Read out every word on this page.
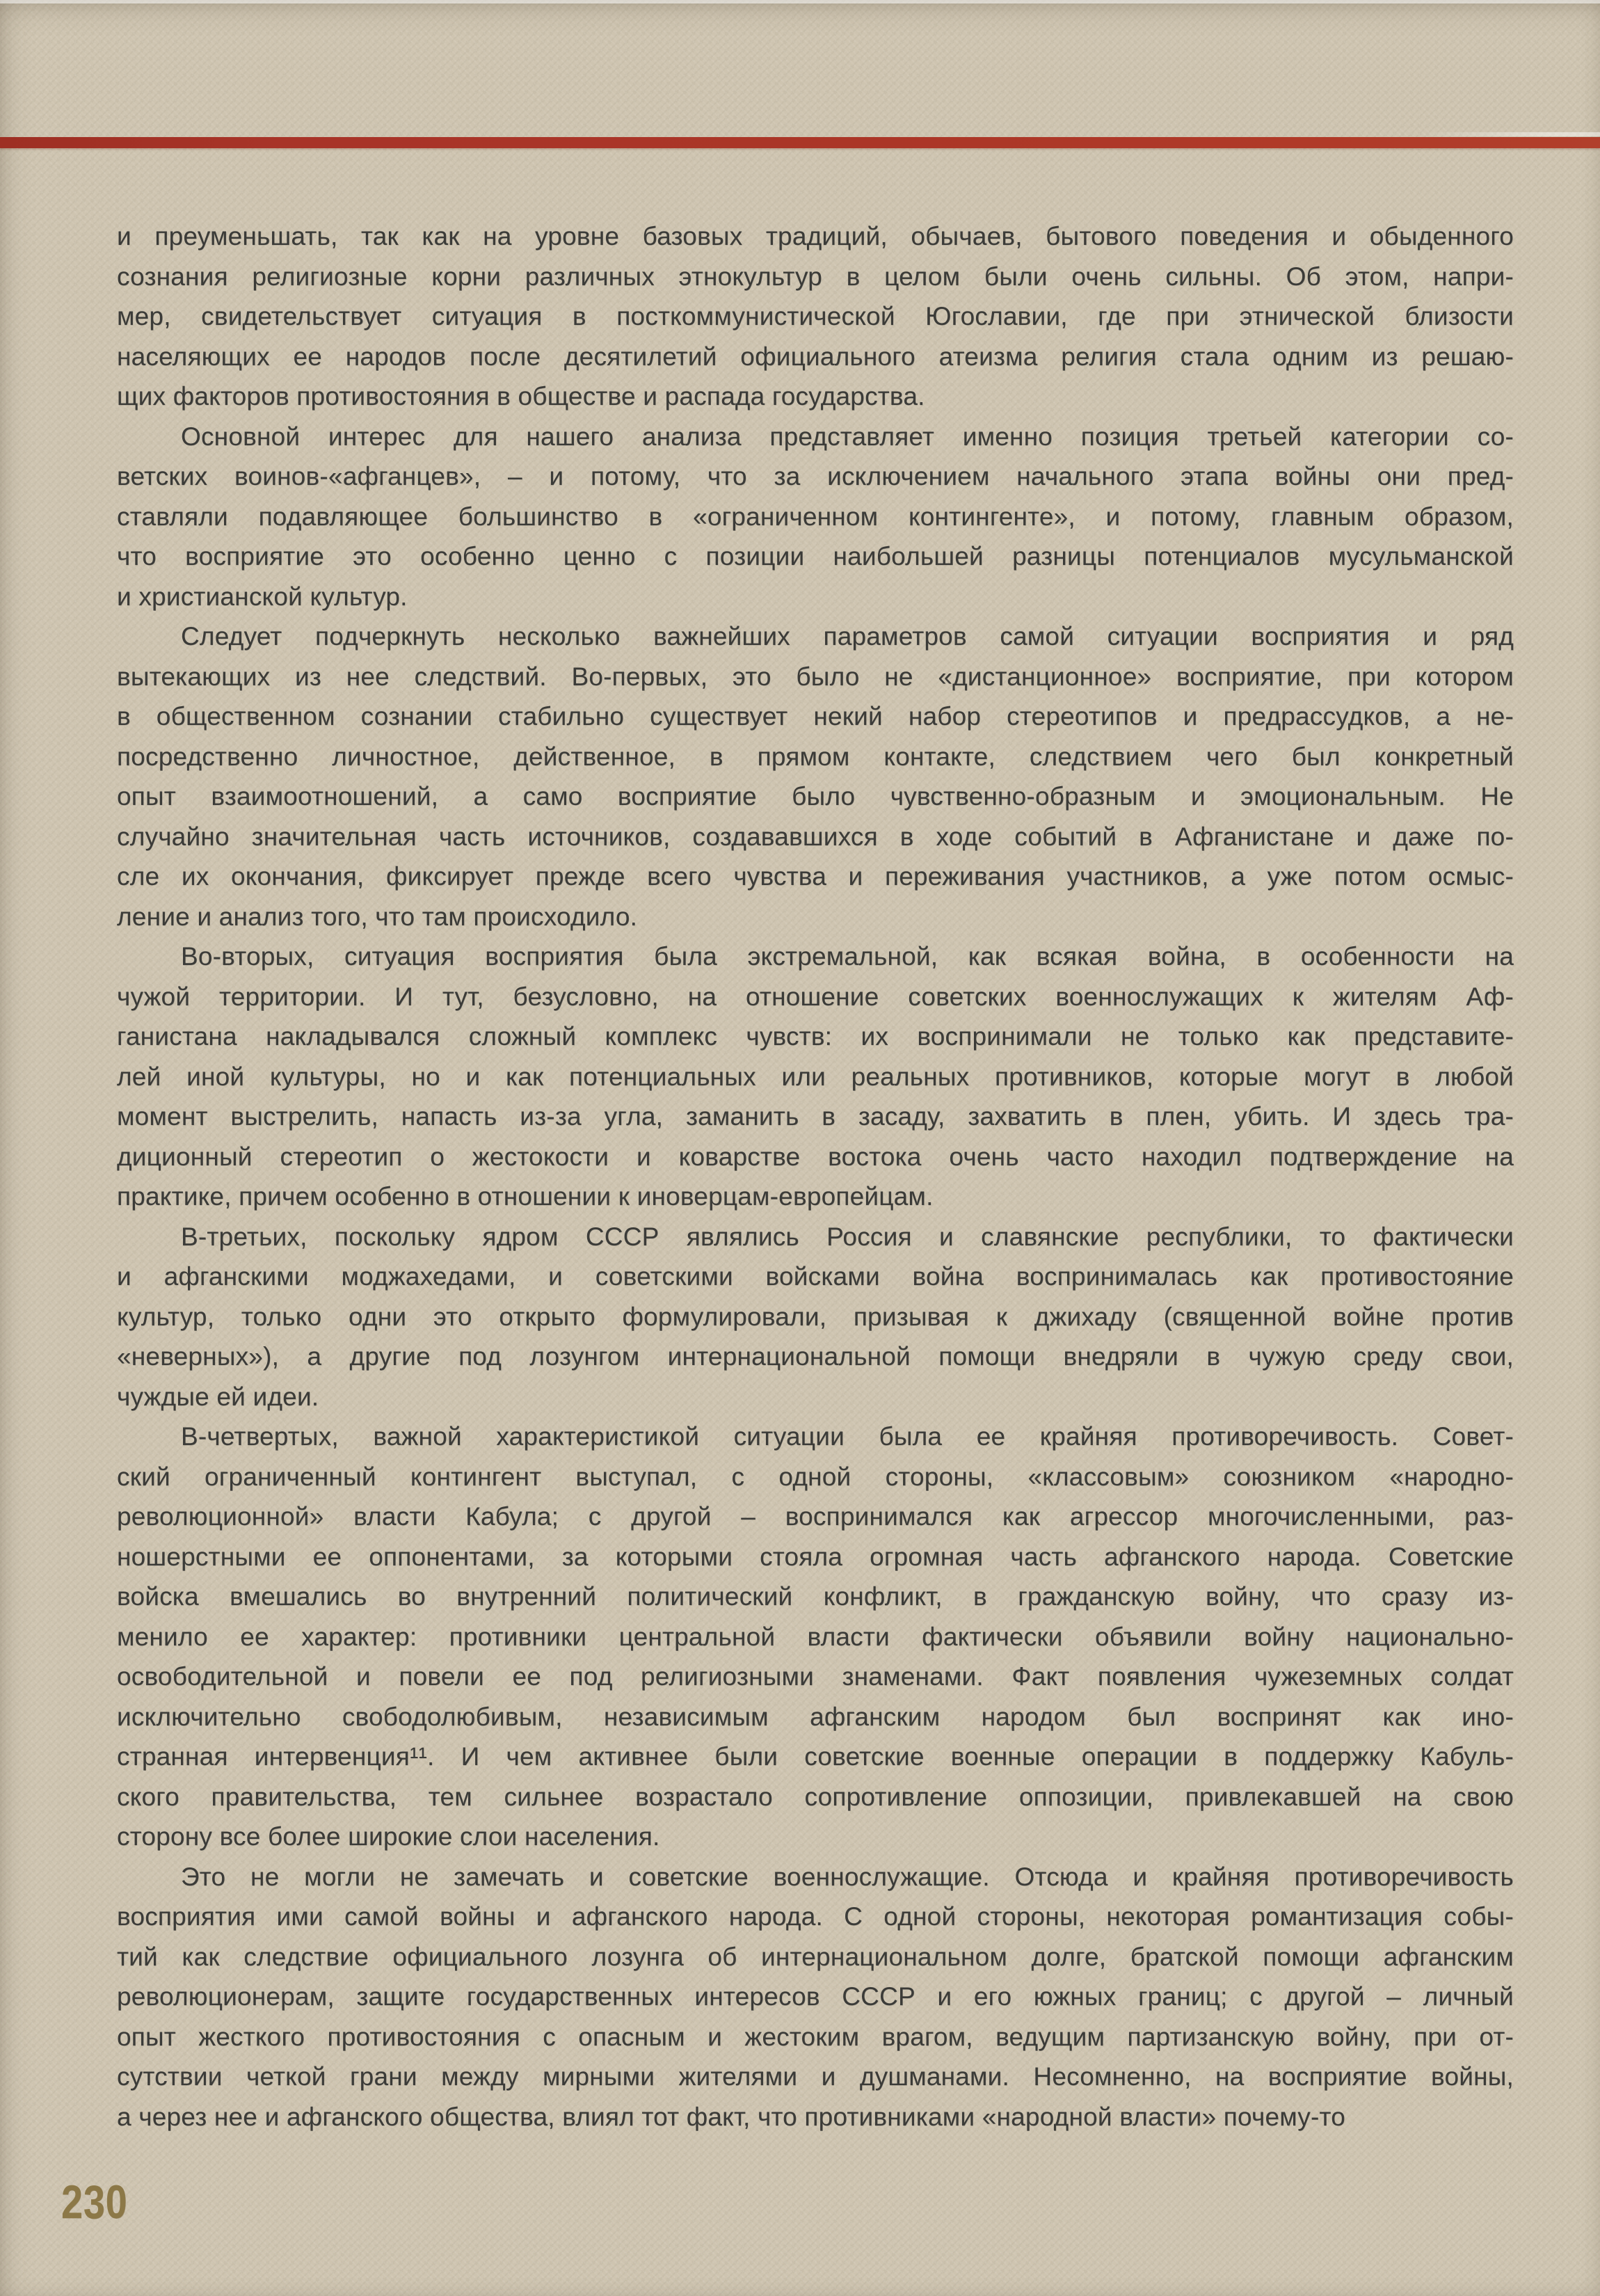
и преуменьшать, так как на уровне базовых традиций, обычаев, бытового поведения и обыденного
сознания религиозные корни различных этнокультур в целом были очень сильны. Об этом, напри-
мер, свидетельствует ситуация в посткоммунистической Югославии, где при этнической близости
населяющих ее народов после десятилетий официального атеизма религия стала одним из решаю-
щих факторов противостояния в обществе и распада государства.
Основной интерес для нашего анализа представляет именно позиция третьей категории со-
ветских воинов-«афганцев», – и потому, что за исключением начального этапа войны они пред-
ставляли подавляющее большинство в «ограниченном контингенте», и потому, главным образом,
что восприятие это особенно ценно с позиции наибольшей разницы потенциалов мусульманской
и христианской культур.
Следует подчеркнуть несколько важнейших параметров самой ситуации восприятия и ряд
вытекающих из нее следствий. Во-первых, это было не «дистанционное» восприятие, при котором
в общественном сознании стабильно существует некий набор стереотипов и предрассудков, а не-
посредственно личностное, действенное, в прямом контакте, следствием чего был конкретный
опыт взаимоотношений, а само восприятие было чувственно-образным и эмоциональным. Не
случайно значительная часть источников, создававшихся в ходе событий в Афганистане и даже по-
сле их окончания, фиксирует прежде всего чувства и переживания участников, а уже потом осмыс-
ление и анализ того, что там происходило.
Во-вторых, ситуация восприятия была экстремальной, как всякая война, в особенности на
чужой территории. И тут, безусловно, на отношение советских военнослужащих к жителям Аф-
ганистана накладывался сложный комплекс чувств: их воспринимали не только как представите-
лей иной культуры, но и как потенциальных или реальных противников, которые могут в любой
момент выстрелить, напасть из-за угла, заманить в засаду, захватить в плен, убить. И здесь тра-
диционный стереотип о жестокости и коварстве востока очень часто находил подтверждение на
практике, причем особенно в отношении к иноверцам-европейцам.
В-третьих, поскольку ядром СССР являлись Россия и славянские республики, то фактически
и афганскими моджахедами, и советскими войсками война воспринималась как противостояние
культур, только одни это открыто формулировали, призывая к джихаду (священной войне против
«неверных»), а другие под лозунгом интернациональной помощи внедряли в чужую среду свои,
чуждые ей идеи.
В-четвертых, важной характеристикой ситуации была ее крайняя противоречивость. Совет-
ский ограниченный контингент выступал, с одной стороны, «классовым» союзником «народно-
революционной» власти Кабула; с другой – воспринимался как агрессор многочисленными, раз-
ношерстными ее оппонентами, за которыми стояла огромная часть афганского народа. Советские
войска вмешались во внутренний политический конфликт, в гражданскую войну, что сразу из-
менило ее характер: противники центральной власти фактически объявили войну национально-
освободительной и повели ее под религиозными знаменами. Факт появления чужеземных солдат
исключительно свободолюбивым, независимым афганским народом был воспринят как ино-
странная интервенция¹¹. И чем активнее были советские военные операции в поддержку Кабуль-
ского правительства, тем сильнее возрастало сопротивление оппозиции, привлекавшей на свою
сторону все более широкие слои населения.
Это не могли не замечать и советские военнослужащие. Отсюда и крайняя противоречивость
восприятия ими самой войны и афганского народа. С одной стороны, некоторая романтизация собы-
тий как следствие официального лозунга об интернациональном долге, братской помощи афганским
революционерам, защите государственных интересов СССР и его южных границ; с другой – личный
опыт жесткого противостояния с опасным и жестоким врагом, ведущим партизанскую войну, при от-
сутствии четкой грани между мирными жителями и душманами. Несомненно, на восприятие войны,
а через нее и афганского общества, влиял тот факт, что противниками «народной власти» почему-то
230
